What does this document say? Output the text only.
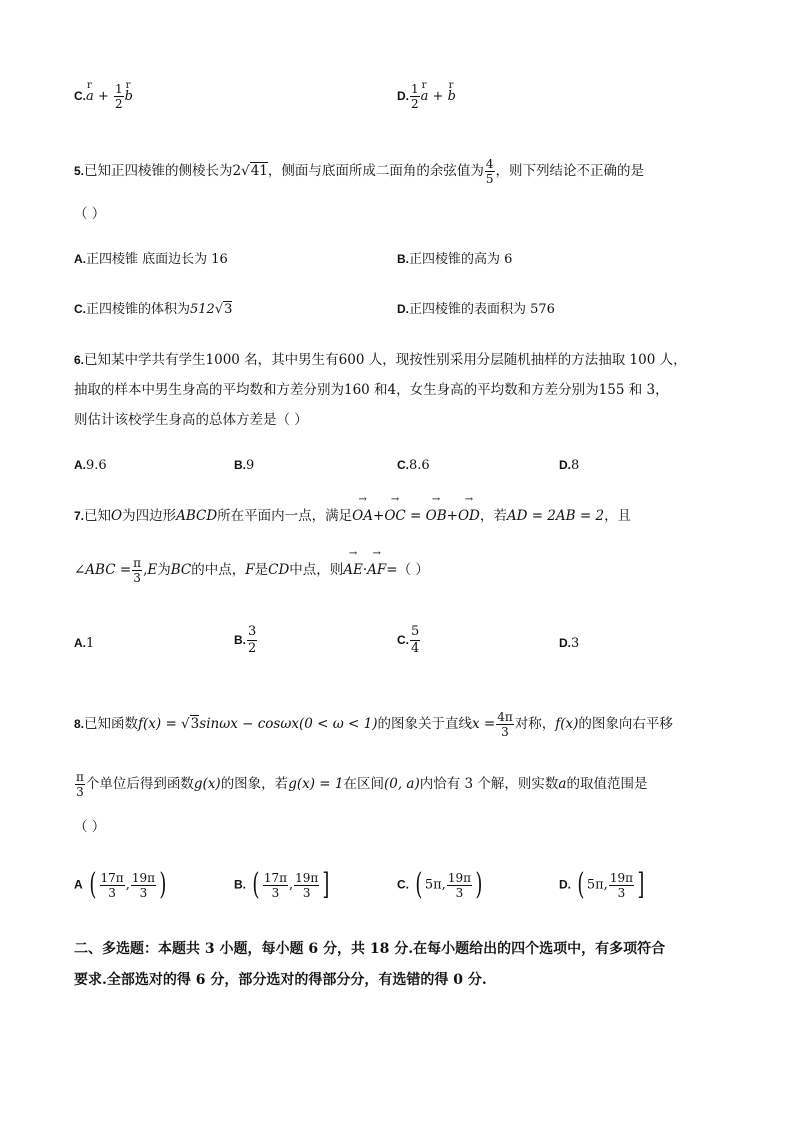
C.r $a + \frac{1}{2}$ r b	D. $\frac{1}{2}$ r a + r b
5.已知正四棱锥的侧棱长为2√41，侧面与底面所成二面角的余弦值为 $\frac{4}{5}$ ，则下列结论不正确的是
（ ）
A.正四棱锥 底面边长为 16	B.正四棱锥的高为 6
C.正四棱锥的体积为512√3	D.正四棱锥的表面积为 576
6.已知某中学共有学生1000 名，其中男生有600 人，现按性别采用分层随机抽样的方法抽取 100 人，
抽取的样本中男生身高的平均数和方差分别为160 和4，女生身高的平均数和方差分别为155 和 3，
则估计该校学生身高的总体方差是（ ）
A.9.6	B.9	C.8.6	D.8
7.已知O为四边形ABCD所在平面内一点，满足→ OA+→ OC = → OB+→ OD，若AD = 2AB = 2，且
∠ABC = $\frac{\pi}{3} ,E$为BC的中点，F是CD中点，则→ AE·→ AF=（ ）
A.1	B. $\frac{3}{2}$	C. $\frac{5}{4}$	D.3
8.已知函数f(x) = √3sinωx − cosωx(0 < ω < 1)的图象关于直线$x = \frac{4\pi}{3}$ 对称，f(x)的图象向右平移
$\frac{\pi}{3}$ 个单位后得到函数g(x)的图象，若g(x) = 1在区间(0, a)内恰有 3 个解，则实数a的取值范围是
（ ）
A ( $\frac{17\pi}{3}$ , $\frac{19\pi}{3}$ )	B. ( $\frac{17\pi}{3}$ , $\frac{19\pi}{3}$ ]	C. ( 5π, $\frac{19\pi}{3}$ )	D. ( 5π, $\frac{19\pi}{3}$ ]
二、多选题：本题共 3 小题，每小题 6 分，共 18 分.在每小题给出的四个选项中，有多项符合
要求.全部选对的得 6 分，部分选对的得部分分，有选错的得 0 分.
